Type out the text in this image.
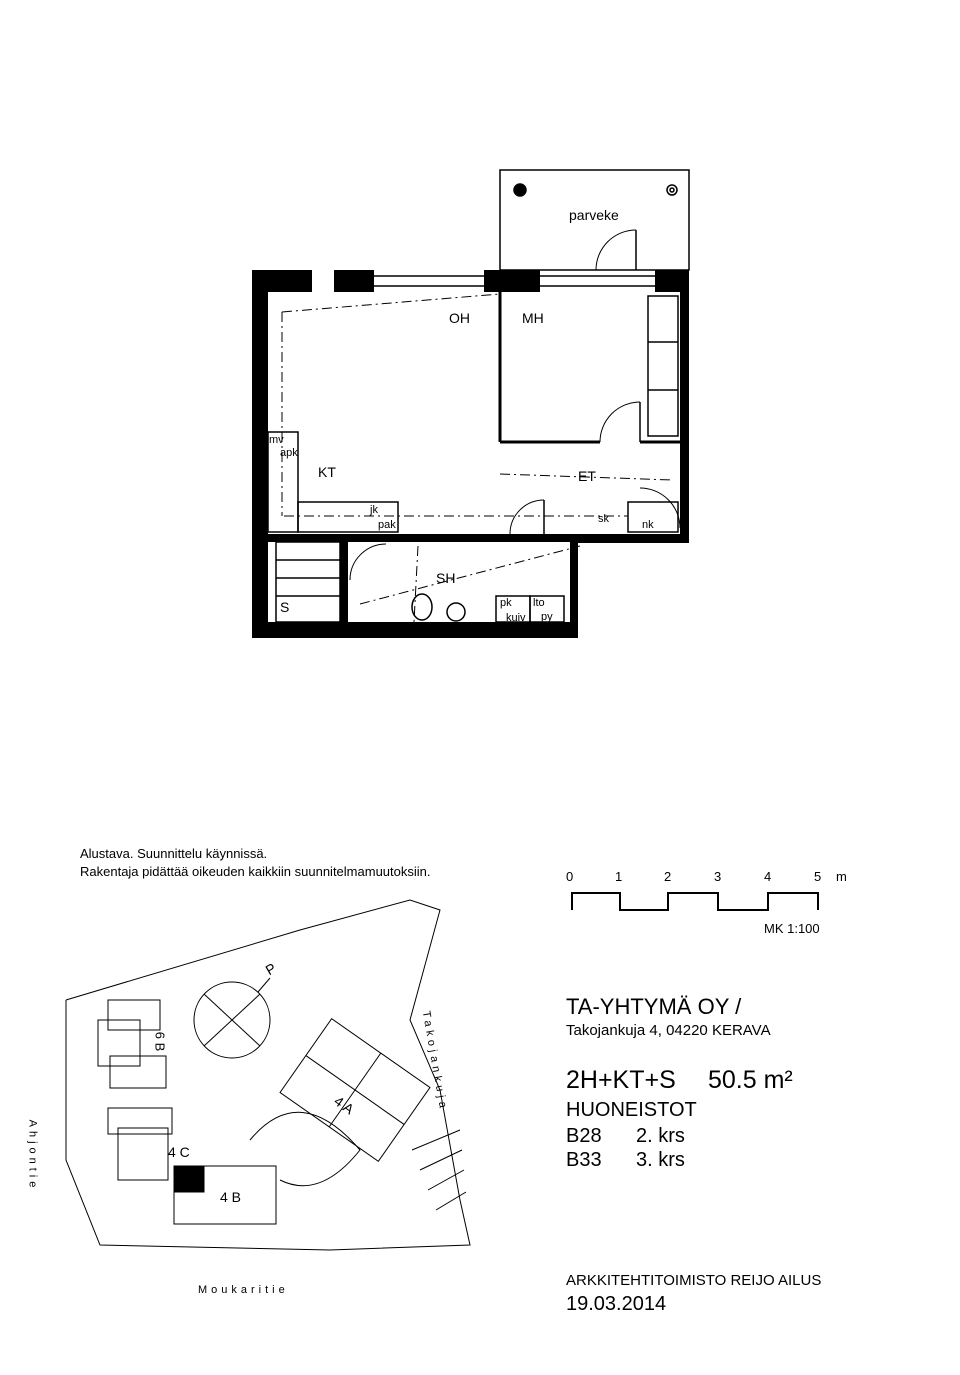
parveke
OH	MH
KT	ET
SH
S
mv
apk
jk
pak	sk	nk
pk
kuiv
lto
py
Alustava. Suunnittelu käynnissä.
Rakentaja pidättää oikeuden kaikkiin suunnitelmamuutoksiin.	0	1	2	3	4	5 m
MK 1:100
P
6 B
4 A
4 C
4 B
Takojankuja
Ahjontie
Moukaritie
TA-YHTYMÄ OY /
Takojankuja 4, 04220 KERAVA
2H+KT+S 50.5 m²
HUONEISTOT
B28 2. krs
B33 3. krs
ARKKITEHTITOIMISTO REIJO AILUS
19.03.2014
